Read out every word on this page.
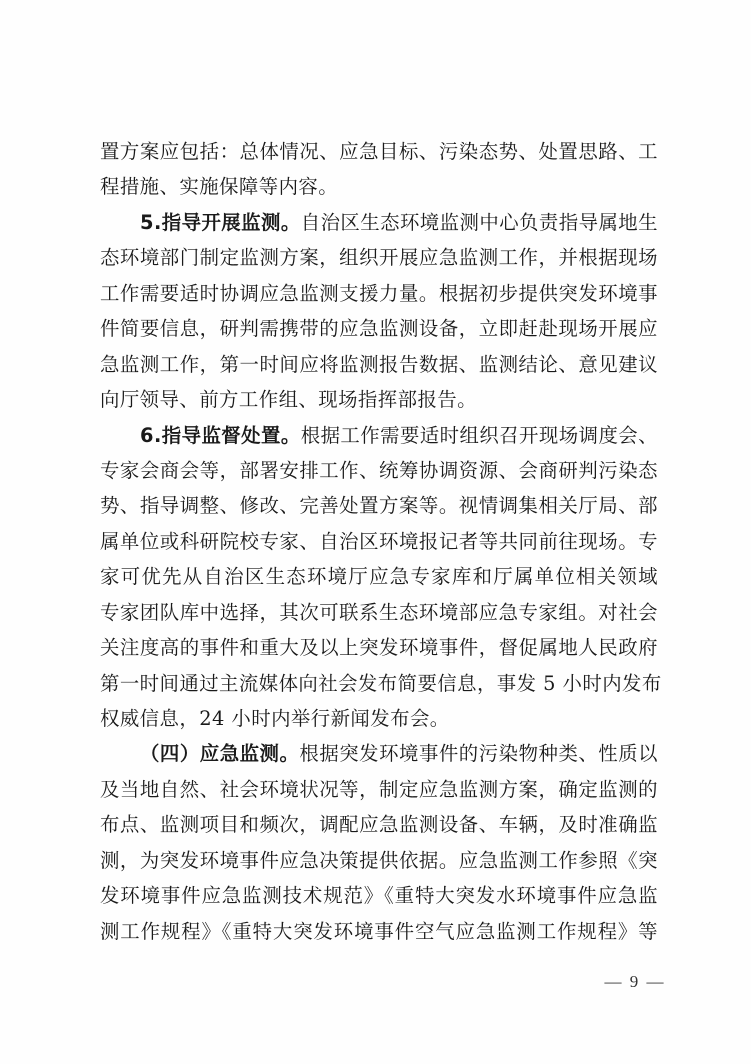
置方案应包括：总体情况、应急目标、污染态势、处置思路、工
程措施、实施保障等内容。
5.指导开展监测。自治区生态环境监测中心负责指导属地生
态环境部门制定监测方案，组织开展应急监测工作，并根据现场
工作需要适时协调应急监测支援力量。根据初步提供突发环境事
件简要信息，研判需携带的应急监测设备，立即赶赴现场开展应
急监测工作，第一时间应将监测报告数据、监测结论、意见建议
向厅领导、前方工作组、现场指挥部报告。
6.指导监督处置。根据工作需要适时组织召开现场调度会、
专家会商会等，部署安排工作、统筹协调资源、会商研判污染态
势、指导调整、修改、完善处置方案等。视情调集相关厅局、部
属单位或科研院校专家、自治区环境报记者等共同前往现场。专
家可优先从自治区生态环境厅应急专家库和厅属单位相关领域
专家团队库中选择，其次可联系生态环境部应急专家组。对社会
关注度高的事件和重大及以上突发环境事件，督促属地人民政府
第一时间通过主流媒体向社会发布简要信息，事发 5 小时内发布
权威信息，24 小时内举行新闻发布会。
（四）应急监测。根据突发环境事件的污染物种类、性质以
及当地自然、社会环境状况等，制定应急监测方案，确定监测的
布点、监测项目和频次，调配应急监测设备、车辆，及时准确监
测，为突发环境事件应急决策提供依据。应急监测工作参照《突
发环境事件应急监测技术规范》《重特大突发水环境事件应急监
测工作规程》《重特大突发环境事件空气应急监测工作规程》等
— 9 —
